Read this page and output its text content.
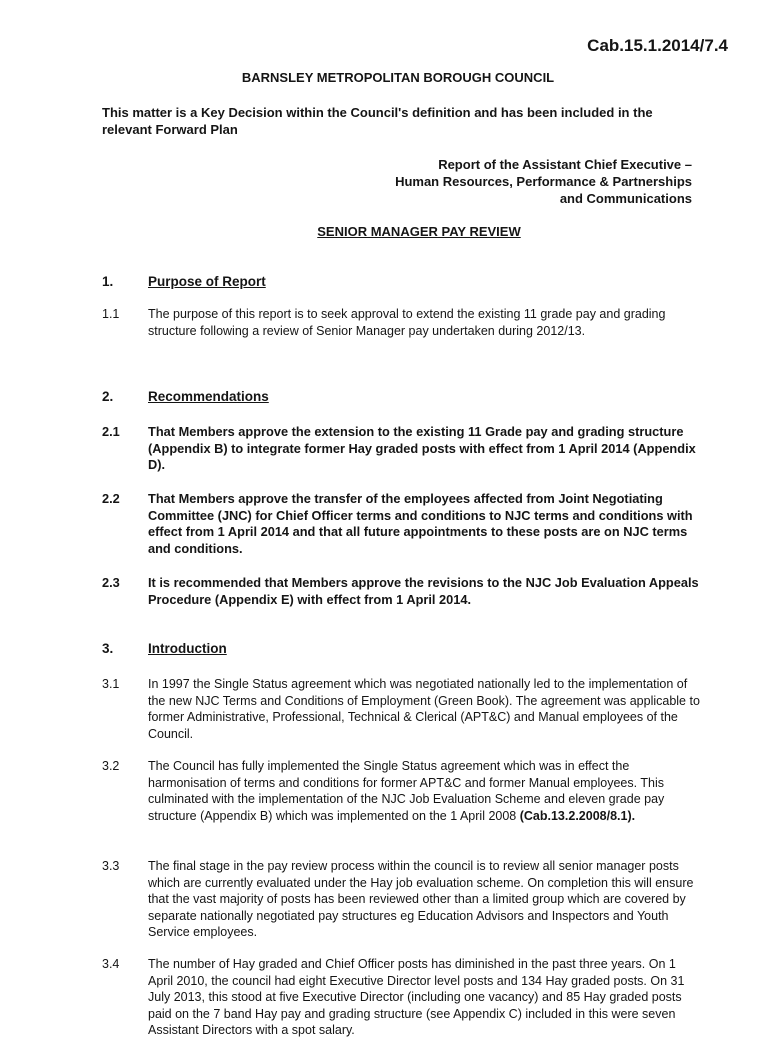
Cab.15.1.2014/7.4
BARNSLEY METROPOLITAN BOROUGH COUNCIL
This matter is a Key Decision within the Council's definition and has been included in the relevant Forward Plan
Report of the Assistant Chief Executive –
Human Resources, Performance & Partnerships
and Communications
SENIOR MANAGER PAY REVIEW
1.	Purpose of Report
1.1	The purpose of this report is to seek approval to extend the existing 11 grade pay and grading structure following a review of Senior Manager pay undertaken during 2012/13.
2.	Recommendations
2.1	That Members approve the extension to the existing 11 Grade pay and grading structure (Appendix B) to integrate former Hay graded posts with effect from 1 April 2014 (Appendix D).
2.2	That Members approve the transfer of the employees affected from Joint Negotiating Committee (JNC) for Chief Officer terms and conditions to NJC terms and conditions with effect from 1 April 2014 and that all future appointments to these posts are on NJC terms and conditions.
2.3	It is recommended that Members approve the revisions to the NJC Job Evaluation Appeals Procedure (Appendix E) with effect from 1 April 2014.
3.	Introduction
3.1	In 1997 the Single Status agreement which was negotiated nationally led to the implementation of the new NJC Terms and Conditions of Employment (Green Book). The agreement was applicable to former Administrative, Professional, Technical & Clerical (APT&C) and Manual employees of the Council.
3.2	The Council has fully implemented the Single Status agreement which was in effect the harmonisation of terms and conditions for former APT&C and former Manual employees. This culminated with the implementation of the NJC Job Evaluation Scheme and eleven grade pay structure (Appendix B) which was implemented on the 1 April 2008 (Cab.13.2.2008/8.1).
3.3	The final stage in the pay review process within the council is to review all senior manager posts which are currently evaluated under the Hay job evaluation scheme. On completion this will ensure that the vast majority of posts has been reviewed other than a limited group which are covered by separate nationally negotiated pay structures eg Education Advisors and Inspectors and Youth Service employees.
3.4	The number of Hay graded and Chief Officer posts has diminished in the past three years. On 1 April 2010, the council had eight Executive Director level posts and 134 Hay graded posts. On 31 July 2013, this stood at five Executive Director (including one vacancy) and 85 Hay graded posts paid on the 7 band Hay pay and grading structure (see Appendix C) included in this were seven Assistant Directors with a spot salary.
